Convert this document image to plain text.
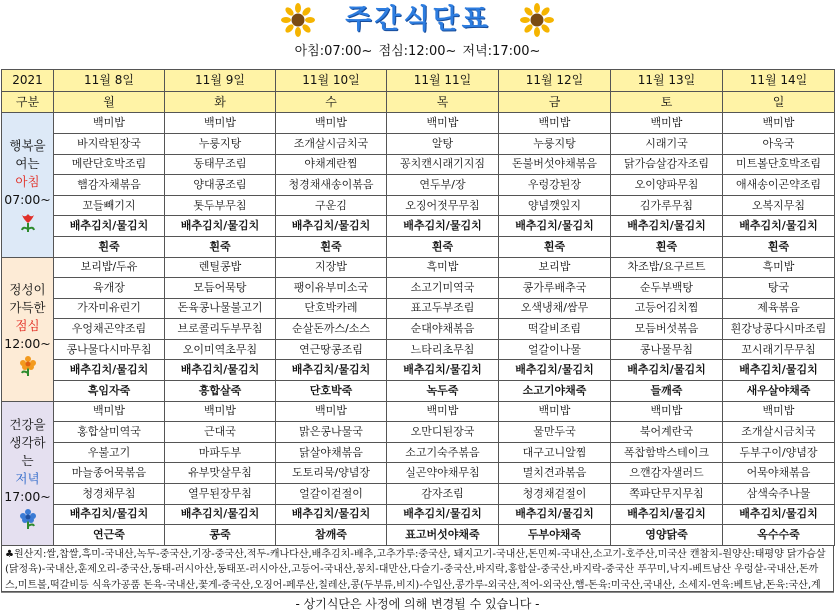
주간식단표
아침:07:00~ 점심:12:00~ 저녁:17:00~
2021	11월 8일	11월 9일	11월 10일	11월 11일	11월 12일	11월 13일	11월 14일
구분	월	화	수	목	금	토	일

행복을
여는
아침
07:00~	백미밥	백미밥	백미밥	백미밥	백미밥	백미밥	백미밥
	바지락된장국	누룽지탕	조개살시금치국	알탕	누룽지탕	시래기국	아욱국
	메란단호박조림	동태무조림	야채계란찜	꽁치캔시래기지짐	돈불버섯야채볶음	닭가슴살감자조림	미트볼단호박조림
	햄감자채볶음	양대콩조림	청경채새송이볶음	연두부/장	우렁강된장	오이양파무침	애새송이곤약조림
	꼬들빼기지	톳두부무침	구운김	오징어젓무무침	양념깻잎지	김가루무침	오복지무침
	배추김치/물김치	배추김치/물김치	배추김치/물김치	배추김치/물김치	배추김치/물김치	배추김치/물김치	배추김치/물김치
	흰죽	흰죽	흰죽	흰죽	흰죽	흰죽	흰죽

정성이
가득한
점심
12:00~	보리밥/두유	렌틸콩밥	지장밥	흑미밥	보리밥	차조밥/요구르트	흑미밥
	육개장	모듬어묵탕	팽이유부미소국	소고기미역국	콩가루배추국	순두부백탕	탕국
	가자미유린기	돈육콩나물불고기	단호박카레	표고두부조림	오색냉채/쌈무	고등어김치찜	제육볶음
	우엉채곤약조림	브로콜리두부무침	순살돈까스/소스	순대야채볶음	떡갈비조림	모듬버섯볶음	흰강낭콩다시마조림
	콩나물다시마무침	오이미역초무침	연근땅콩조림	느타리초무침	얼갈이나물	콩나물무침	꼬시래기무무침
	배추김치/물김치	배추김치/물김치	배추김치/물김치	배추김치/물김치	배추김치/물김치	배추김치/물김치	배추김치/물김치
	흑임자죽	흥합살죽	단호박죽	녹두죽	소고기야채죽	들깨죽	새우살야채죽

건강을
생각하
는
저녁
17:00~	백미밥	백미밥	백미밥	백미밥	백미밥	백미밥	백미밥
	홍합살미역국	근대국	맑은콩나물국	오만디된장국	물만두국	북어계란국	조개살시금치국
	우불고기	마파두부	닭살야채볶음	소고기숙주볶음	대구고니알찜	폭찹함박스테이크	두부구이/양념장
	마늘종어묵볶음	유부맛살무침	도토리묵/양념장	실곤약야채무침	멸치견과볶음	으깬감자샐러드	어묵야채볶음
	청경채무침	열무된장무침	얼갈이겉절이	감자조림	청경채겉절이	쪽파단무지무침	삼색숙주나물
	배추김치/물김치	배추김치/물김치	배추김치/물김치	배추김치/물김치	배추김치/물김치	배추김치/물김치	배추김치/물김치
	연근죽	콩죽	참깨죽	표고버섯야채죽	두부야채죽	영양닭죽	옥수수죽
♣원산지:쌀,찹쌀,흑미-국내산,녹두-중국산,기장-중국산,적두-캐나다산,배추김치-배추,고추가루:중국산, 돼지고기-국내산,돈민찌-국내산,소고기-호주산,미국산 캔참치-원양산:태평양 닭가슴살(닭정육)-국내산,훈제오리-중국산,동태-러시아산,동태포-러시아산,고등어-국내산,꽁치-대만산,다슬기-중국산,바지락,홍합살-중국산,바지락-중국산 푸꾸미,낙지-베트남산 우렁살-국내산,돈까스,미트볼,떡갈비등 식육가공품 돈육-국내산,꽃게-중국산,오징어-페루산,칠레산,콩(두부류,비지)-수입산,콩가루-외국산,적어-외국산,햄-돈육:미국산,국내산, 소세지-연육:베트남,돈육:국산,계
- 상기식단은 사정에 의해 변경될 수 있습니다 -
